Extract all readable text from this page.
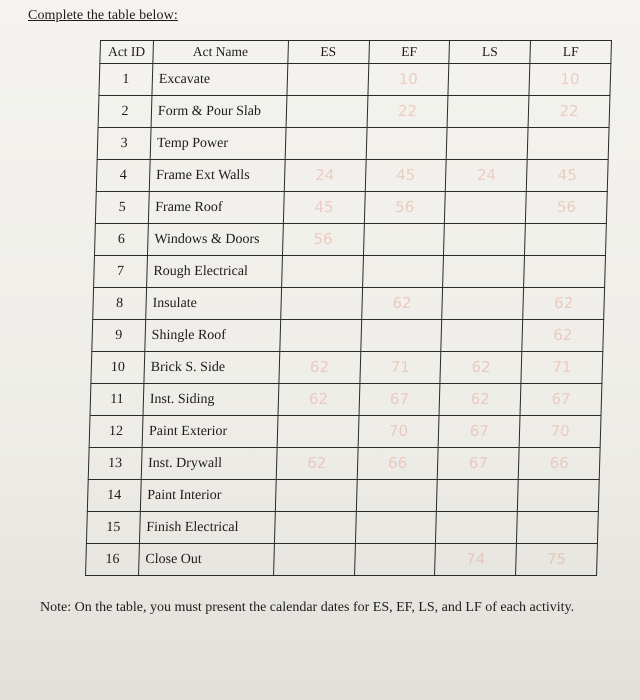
Complete the table below:
Act ID	Act Name	ES	EF	LS	LF
1	Excavate		10		10
2	Form & Pour Slab		22		22
3	Temp Power				
4	Frame Ext Walls	24	45	24	45
5	Frame Roof	45	56		56
6	Windows & Doors	56			
7	Rough Electrical				
8	Insulate		62		62
9	Shingle Roof				62
10	Brick S. Side	62	71	62	71
11	Inst. Siding	62	67	62	67
12	Paint Exterior		70	67	70
13	Inst. Drywall	62	66	67	66
14	Paint Interior				
15	Finish Electrical				
16	Close Out			74	75
Note: On the table, you must present the calendar dates for ES, EF, LS, and LF of each activity.
